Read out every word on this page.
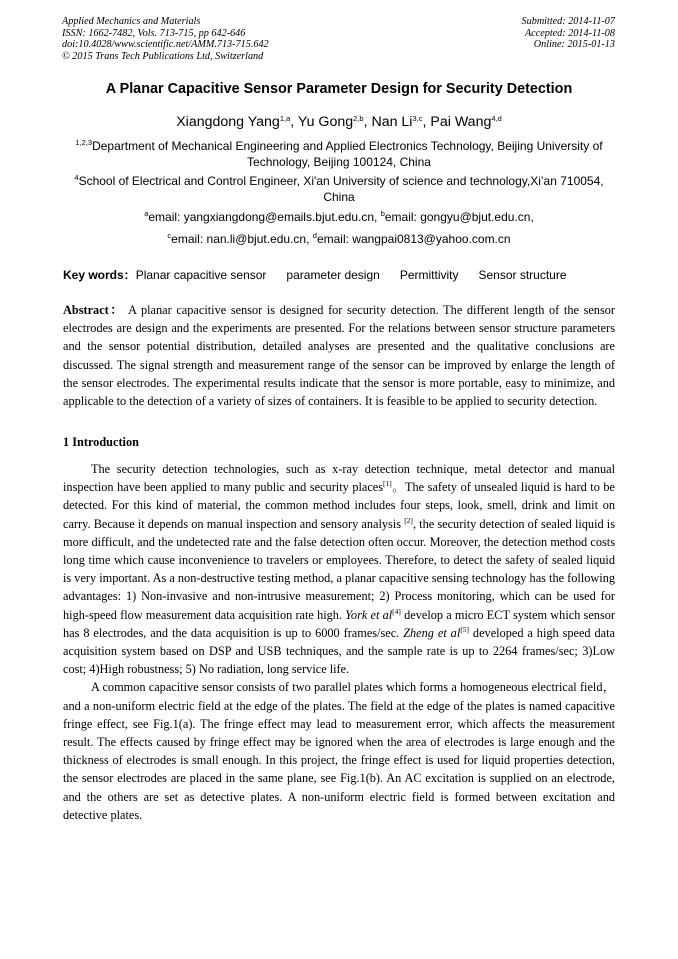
Applied Mechanics and Materials
ISSN: 1662-7482, Vols. 713-715, pp 642-646
doi:10.4028/www.scientific.net/AMM.713-715.642
© 2015 Trans Tech Publications Ltd, Switzerland
Submitted: 2014-11-07
Accepted: 2014-11-08
Online: 2015-01-13
A Planar Capacitive Sensor Parameter Design for Security Detection
Xiangdong Yang$^{1,a}$, Yu Gong$^{2,b}$, Nan Li$^{3,c}$, Pai Wang$^{4,d}$
$^{1,2,3}$Department of Mechanical Engineering and Applied Electronics Technology, Beijing University of Technology, Beijing 100124, China
$^4$School of Electrical and Control Engineer, Xi'an University of science and technology,Xi’an 710054, China
$^a$email: yangxiangdong@emails.bjut.edu.cn, $^b$email: gongyu@bjut.edu.cn,
$^c$email: nan.li@bjut.edu.cn, $^d$email: wangpai0813@yahoo.com.cn
Key words：Planar capacitive sensor parameter design Permittivity Sensor structure

Abstract： A planar capacitive sensor is designed for security detection. The different length of the sensor electrodes are design and the experiments are presented. For the relations between sensor structure parameters and the sensor potential distribution, detailed analyses are presented and the qualitative conclusions are discussed. The signal strength and measurement range of the sensor can be improved by enlarge the length of the sensor electrodes. The experimental results indicate that the sensor is more portable, easy to minimize, and applicable to the detection of a variety of sizes of containers. It is feasible to be applied to security detection.

1 Introduction

The security detection technologies, such as x-ray detection technique, metal detector and manual inspection have been applied to many public and security places[1]。The safety of unsealed liquid is hard to be detected. For this kind of material, the common method includes four steps, look, smell, drink and limit on carry. Because it depends on manual inspection and sensory analysis [2], the security detection of sealed liquid is more difficult, and the undetected rate and the false detection often occur. Moreover, the detection method costs long time which cause inconvenience to travelers or employees. Therefore, to detect the safety of sealed liquid is very important. As a non-destructive testing method, a planar capacitive sensing technology has the following advantages: 1) Non-invasive and non-intrusive measurement; 2) Process monitoring, which can be used for high-speed flow measurement data acquisition rate high. York et al[4] develop a micro ECT system which sensor has 8 electrodes, and the data acquisition is up to 6000 frames/sec. Zheng et al[5] developed a high speed data acquisition system based on DSP and USB techniques, and the sample rate is up to 2264 frames/sec; 3)Low cost; 4)High robustness; 5) No radiation, long service life.

A common capacitive sensor consists of two parallel plates which forms a homogeneous electrical field，and a non-uniform electric field at the edge of the plates. The field at the edge of the plates is named capacitive fringe effect, see Fig.1(a). The fringe effect may lead to measurement error, which affects the measurement result. The effects caused by fringe effect may be ignored when the area of electrodes is large enough and the thickness of electrodes is small enough. In this project, the fringe effect is used for liquid properties detection, the sensor electrodes are placed in the same plane, see Fig.1(b). An AC excitation is supplied on an electrode, and the others are set as detective plates. A non-uniform electric field is formed between excitation and detective plates.
